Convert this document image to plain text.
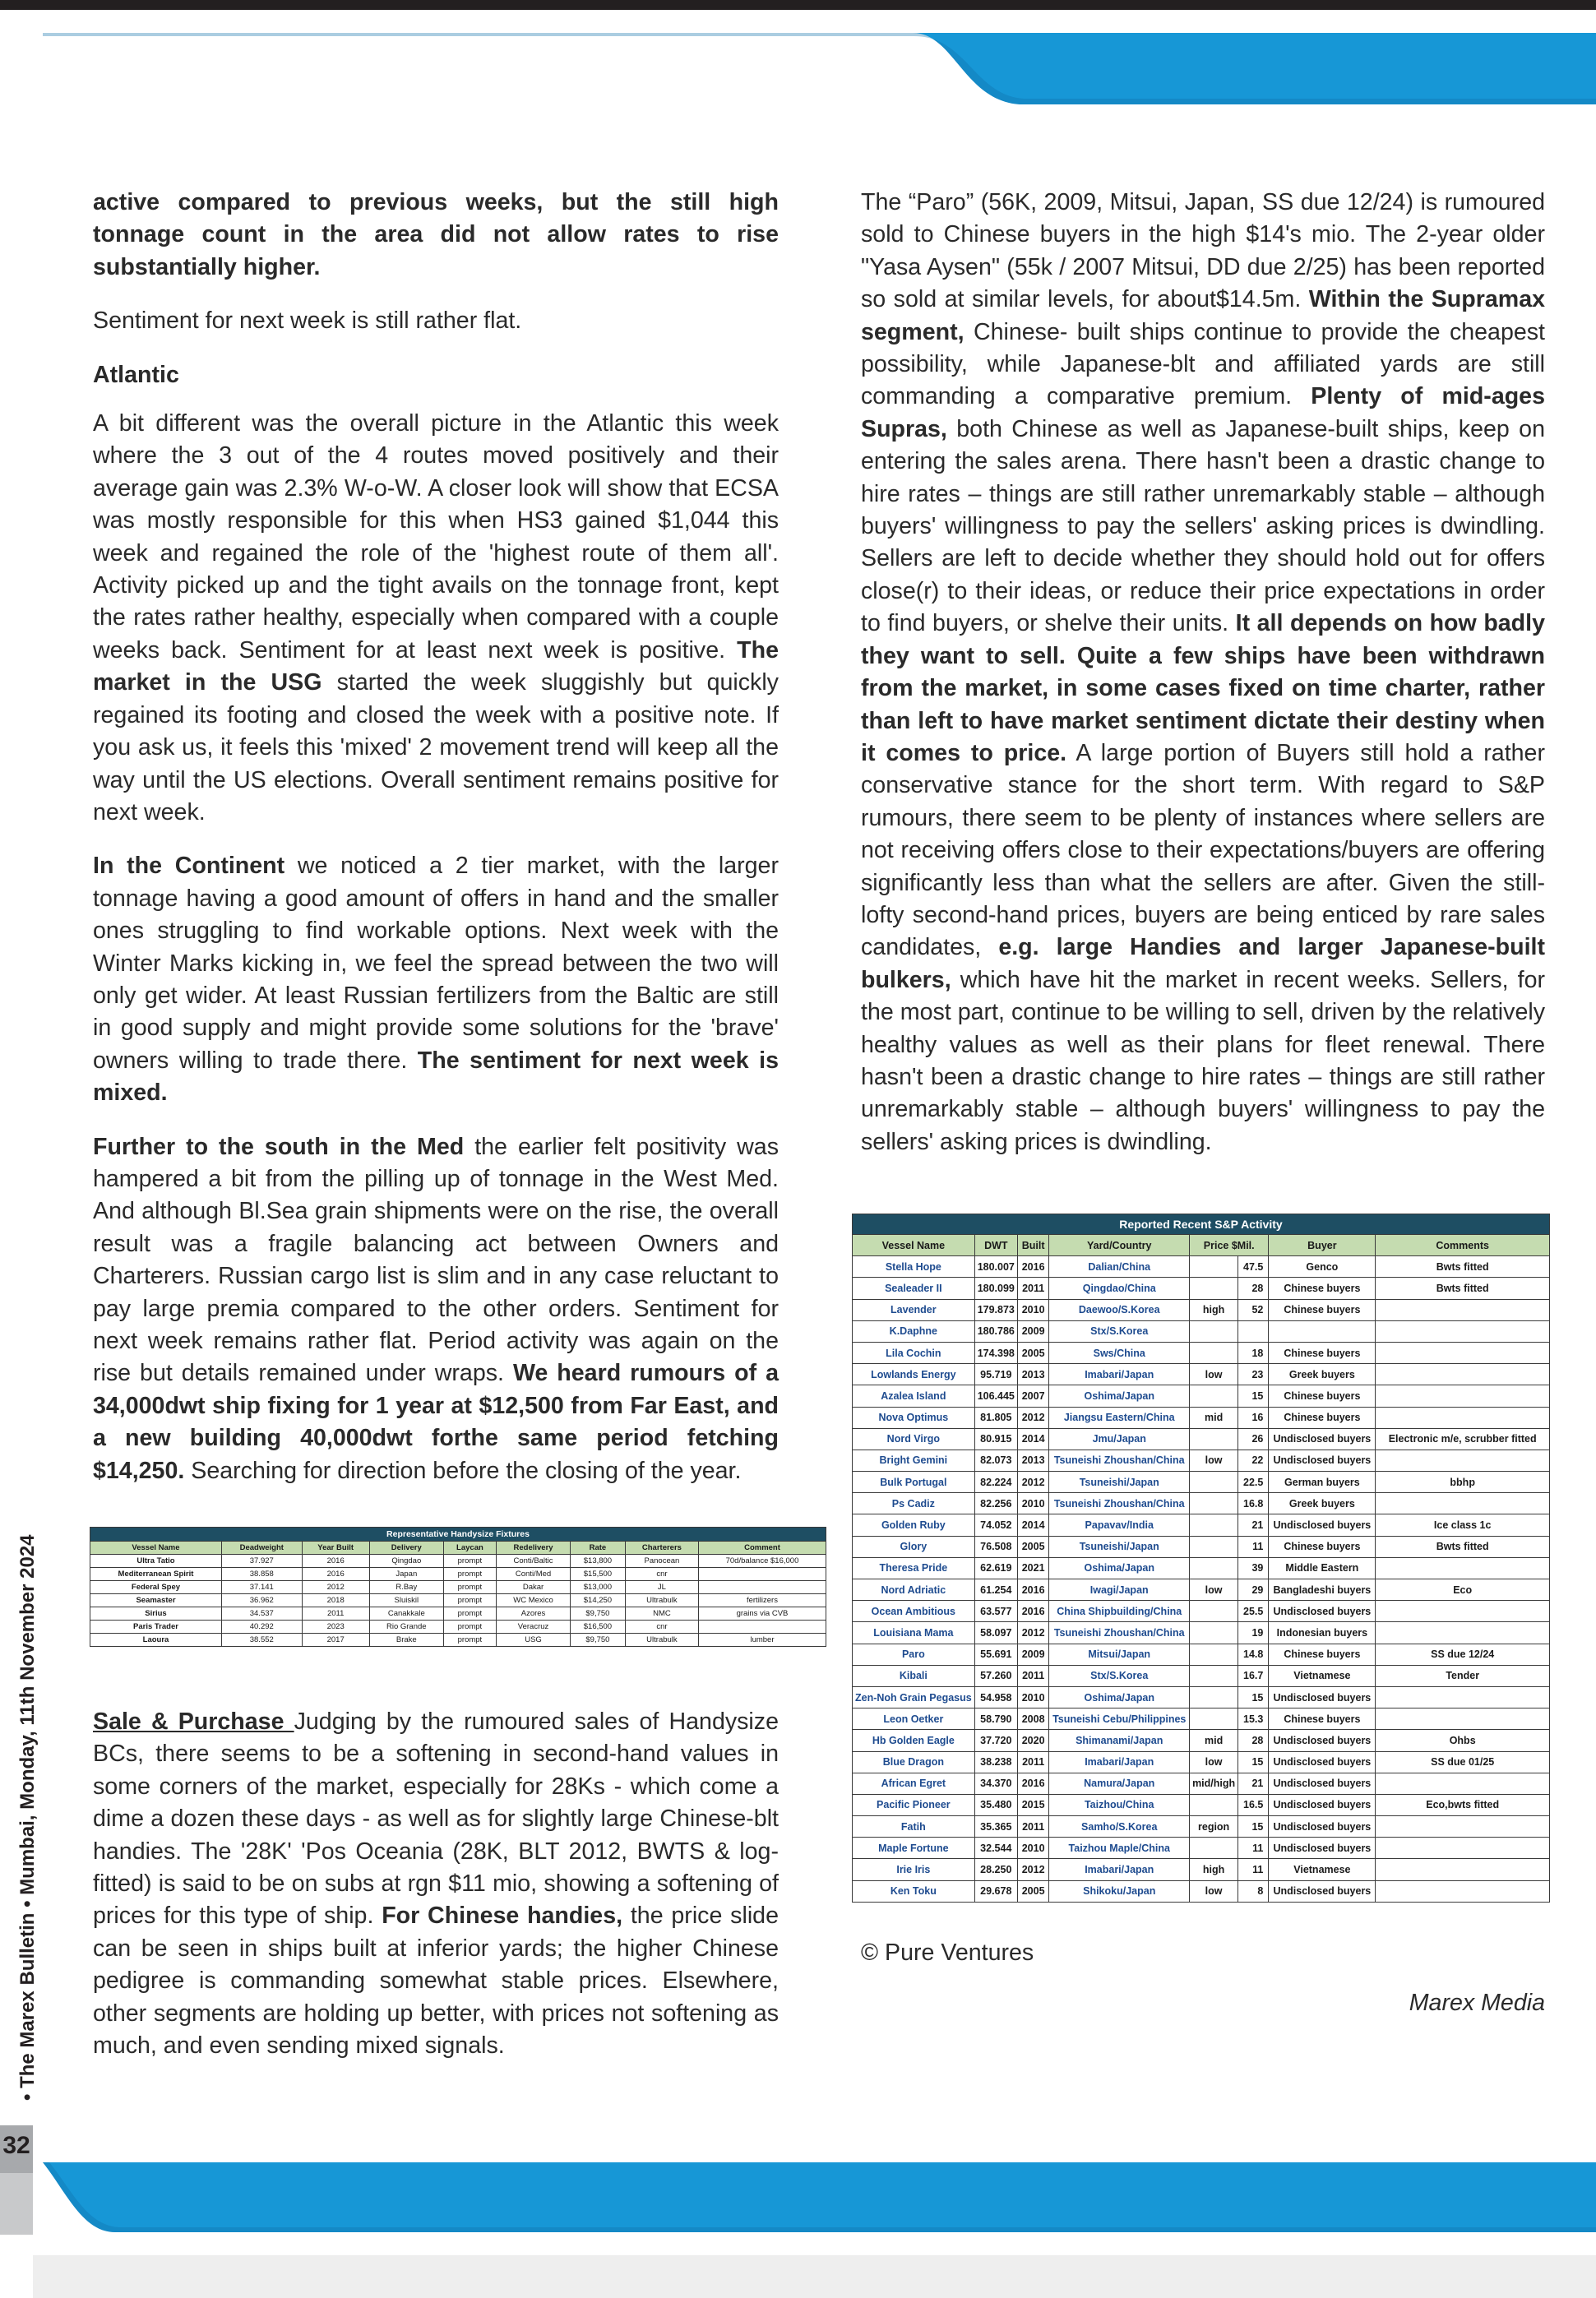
active compared to previous weeks, but the still high tonnage count in the area did not allow rates to rise substantially higher.

Sentiment for next week is still rather flat.

Atlantic

A bit different was the overall picture in the Atlantic this week where the 3 out of the 4 routes moved positively and their average gain was 2.3% W-o-W. A closer look will show that ECSA was mostly responsible for this when HS3 gained $1,044 this week and regained the role of the 'highest route of them all'. Activity picked up and the tight avails on the tonnage front, kept the rates rather healthy, especially when compared with a couple weeks back. Sentiment for at least next week is positive. The market in the USG started the week sluggishly but quickly regained its footing and closed the week with a positive note. If you ask us, it feels this 'mixed' 2 movement trend will keep all the way until the US elections. Overall sentiment remains positive for next week.

In the Continent we noticed a 2 tier market, with the larger tonnage having a good amount of offers in hand and the smaller ones struggling to find workable options. Next week with the Winter Marks kicking in, we feel the spread between the two will only get wider. At least Russian fertilizers from the Baltic are still in good supply and might provide some solutions for the 'brave' owners willing to trade there. The sentiment for next week is mixed.

Further to the south in the Med the earlier felt positivity was hampered a bit from the pilling up of tonnage in the West Med. And although Bl.Sea grain shipments were on the rise, the overall result was a fragile balancing act between Owners and Charterers. Russian cargo list is slim and in any case reluctant to pay large premia compared to the other orders. Sentiment for next week remains rather flat. Period activity was again on the rise but details remained under wraps. We heard rumours of a 34,000dwt ship fixing for 1 year at $12,500 from Far East, and a new building 40,000dwt forthe same period fetching $14,250. Searching for direction before the closing of the year.

Representative Handysize Fixtures								
Vessel Name	Deadweight	Year Built	Delivery	Laycan	Redelivery	Rate	Charterers	Comment
Ultra Tatio	37.927	2016	Qingdao	prompt	Conti/Baltic	$13,800	Panocean	70d/balance $16,000
Mediterranean Spirit	38.858	2016	Japan	prompt	Conti/Med	$15,500	cnr	
Federal Spey	37.141	2012	R.Bay	prompt	Dakar	$13,000	JL	
Seamaster	36.962	2018	Sluiskil	prompt	WC Mexico	$14,250	Ultrabulk	fertilizers
Sirius	34.537	2011	Canakkale	prompt	Azores	$9,750	NMC	grains via CVB
Paris Trader	40.292	2023	Rio Grande	prompt	Veracruz	$16,500	cnr	
Laoura	38.552	2017	Brake	prompt	USG	$9,750	Ultrabulk	lumber

Sale & Purchase Judging by the rumoured sales of Handysize BCs, there seems to be a softening in second-hand values in some corners of the market, especially for 28Ks - which come a dime a dozen these days - as well as for slightly large Chinese-blt handies. The '28K' 'Pos Oceania (28K, BLT 2012, BWTS & log-fitted) is said to be on subs at rgn $11 mio, showing a softening of prices for this type of ship. For Chinese handies, the price slide can be seen in ships built at inferior yards; the higher Chinese pedigree is commanding somewhat stable prices. Elsewhere, other segments are holding up better, with prices not softening as much, and even sending mixed signals.

The “Paro” (56K, 2009, Mitsui, Japan, SS due 12/24) is rumoured sold to Chinese buyers in the high $14's mio. The 2-year older "Yasa Aysen" (55k / 2007 Mitsui, DD due 2/25) has been reported so sold at similar levels, for about$14.5m. Within the Supramax segment, Chinese- built ships continue to provide the cheapest possibility, while Japanese-blt and affiliated yards are still commanding a comparative premium. Plenty of mid-ages Supras, both Chinese as well as Japanese-built ships, keep on entering the sales arena. There hasn't been a drastic change to hire rates – things are still rather unremarkably stable – although buyers' willingness to pay the sellers' asking prices is dwindling. Sellers are left to decide whether they should hold out for offers close(r) to their ideas, or reduce their price expectations in order to find buyers, or shelve their units. It all depends on how badly they want to sell. Quite a few ships have been withdrawn from the market, in some cases fixed on time charter, rather than left to have market sentiment dictate their destiny when it comes to price. A large portion of Buyers still hold a rather conservative stance for the short term. With regard to S&P rumours, there seem to be plenty of instances where sellers are not receiving offers close to their expectations/buyers are offering significantly less than what the sellers are after. Given the still-lofty second-hand prices, buyers are being enticed by rare sales candidates, e.g. large Handies and larger Japanese-built bulkers, which have hit the market in recent weeks. Sellers, for the most part, continue to be willing to sell, driven by the relatively healthy values as well as their plans for fleet renewal. There hasn't been a drastic change to hire rates – things are still rather unremarkably stable – although buyers' willingness to pay the sellers' asking prices is dwindling.

Reported Recent S&P Activity							
Vessel Name	DWT	Built	Yard/Country	Price $Mil.		Buyer	Comments
Stella Hope	180.007	2016	Dalian/China		47.5	Genco	Bwts fitted
Sealeader II	180.099	2011	Qingdao/China		28	Chinese buyers	Bwts fitted
Lavender	179.873	2010	Daewoo/S.Korea	high	52	Chinese buyers	
K.Daphne	180.786	2009	Stx/S.Korea				
Lila Cochin	174.398	2005	Sws/China		18	Chinese buyers	
Lowlands Energy	95.719	2013	Imabari/Japan	low	23	Greek buyers	
Azalea Island	106.445	2007	Oshima/Japan		15	Chinese buyers	
Nova Optimus	81.805	2012	Jiangsu Eastern/China	mid	16	Chinese buyers	
Nord Virgo	80.915	2014	Jmu/Japan		26	Undisclosed buyers	Electronic m/e, scrubber fitted
Bright Gemini	82.073	2013	Tsuneishi Zhoushan/China	low	22	Undisclosed buyers	
Bulk Portugal	82.224	2012	Tsuneishi/Japan		22.5	German buyers	bbhp
Ps Cadiz	82.256	2010	Tsuneishi Zhoushan/China		16.8	Greek buyers	
Golden Ruby	74.052	2014	Papavav/India		21	Undisclosed buyers	Ice class 1c
Glory	76.508	2005	Tsuneishi/Japan		11	Chinese buyers	Bwts fitted
Theresa Pride	62.619	2021	Oshima/Japan		39	Middle Eastern	
Nord Adriatic	61.254	2016	Iwagi/Japan	low	29	Bangladeshi buyers	Eco
Ocean Ambitious	63.577	2016	China Shipbuilding/China		25.5	Undisclosed buyers	
Louisiana Mama	58.097	2012	Tsuneishi Zhoushan/China		19	Indonesian buyers	
Paro	55.691	2009	Mitsui/Japan		14.8	Chinese buyers	SS due 12/24
Kibali	57.260	2011	Stx/S.Korea		16.7	Vietnamese	Tender
Zen-Noh Grain Pegasus	54.958	2010	Oshima/Japan		15	Undisclosed buyers	
Leon Oetker	58.790	2008	Tsuneishi Cebu/Philippines		15.3	Chinese buyers	
Hb Golden Eagle	37.720	2020	Shimanami/Japan	mid	28	Undisclosed buyers	Ohbs
Blue Dragon	38.238	2011	Imabari/Japan	low	15	Undisclosed buyers	SS due 01/25
African Egret	34.370	2016	Namura/Japan	mid/high	21	Undisclosed buyers	
Pacific Pioneer	35.480	2015	Taizhou/China		16.5	Undisclosed buyers	Eco,bwts fitted
Fatih	35.365	2011	Samho/S.Korea	region	15	Undisclosed buyers	
Maple Fortune	32.544	2010	Taizhou Maple/China		11	Undisclosed buyers	
Irie Iris	28.250	2012	Imabari/Japan	high	11	Vietnamese	
Ken Toku	29.678	2005	Shikoku/Japan	low	8	Undisclosed buyers	
© Pure Ventures
Marex Media
• The Marex Bulletin • Mumbai, Monday, 11th November 2024
32
